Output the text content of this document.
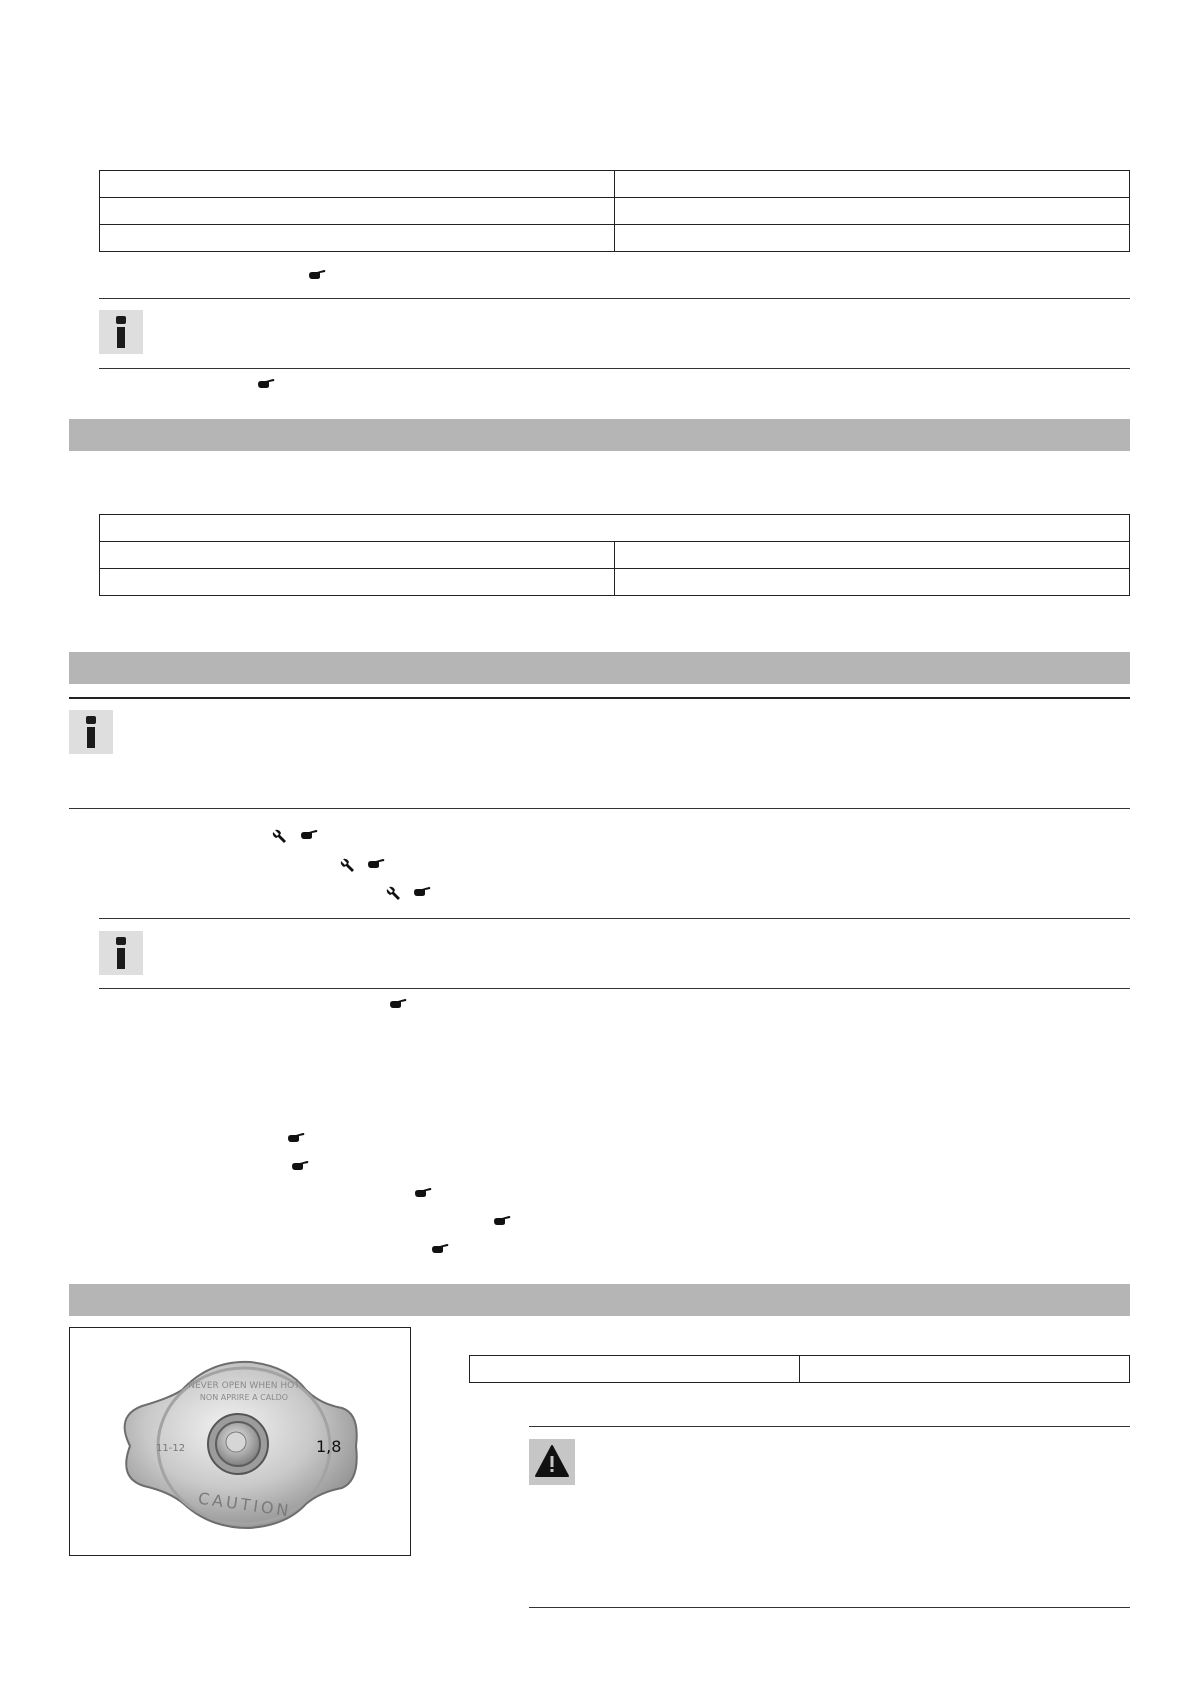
NEVER OPEN WHEN HOT
NON APRIRE A CALDO
CAUTION
11-12	1,8
